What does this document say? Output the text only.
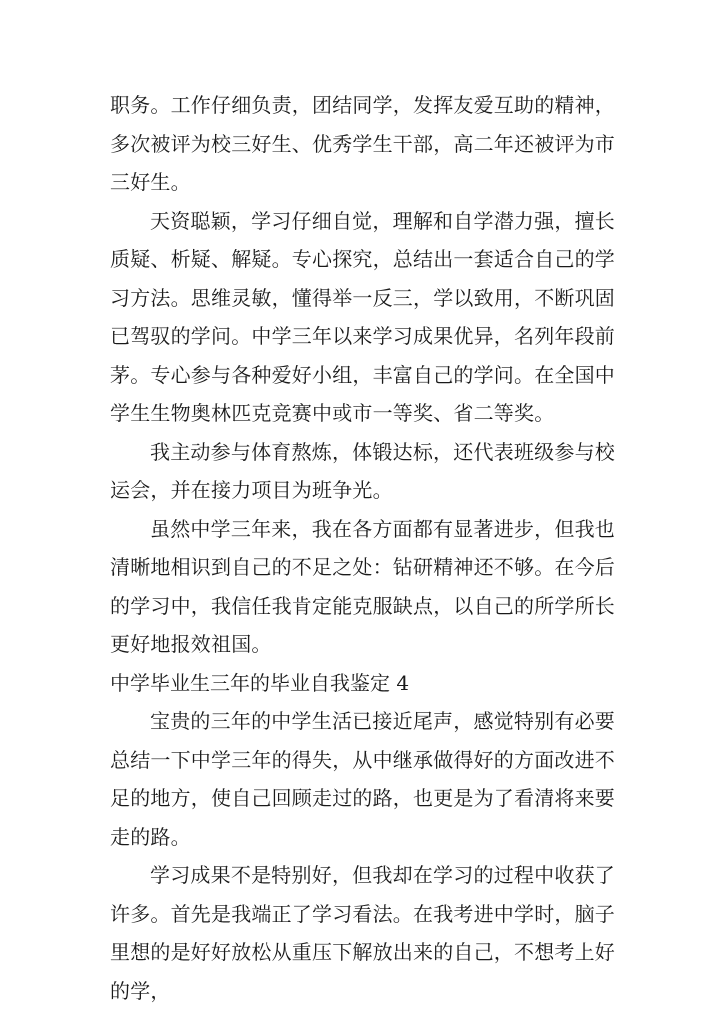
职务。工作仔细负责，团结同学，发挥友爱互助的精神，多次被评为校三好生、优秀学生干部，高二年还被评为市三好生。

天资聪颖，学习仔细自觉，理解和自学潜力强，擅长质疑、析疑、解疑。专心探究，总结出一套适合自己的学习方法。思维灵敏，懂得举一反三，学以致用，不断巩固已驾驭的学问。中学三年以来学习成果优异，名列年段前茅。专心参与各种爱好小组，丰富自己的学问。在全国中学生生物奥林匹克竞赛中或市一等奖、省二等奖。

我主动参与体育熬炼，体锻达标，还代表班级参与校运会，并在接力项目为班争光。

虽然中学三年来，我在各方面都有显著进步，但我也清晰地相识到自己的不足之处：钻研精神还不够。在今后的学习中，我信任我肯定能克服缺点，以自己的所学所长更好地报效祖国。

中学毕业生三年的毕业自我鉴定 4

宝贵的三年的中学生活已接近尾声，感觉特别有必要总结一下中学三年的得失，从中继承做得好的方面改进不足的地方，使自己回顾走过的路，也更是为了看清将来要走的路。

学习成果不是特别好，但我却在学习的过程中收获了许多。首先是我端正了学习看法。在我考进中学时，脑子里想的是好好放松从重压下解放出来的自己，不想考上好的学，
